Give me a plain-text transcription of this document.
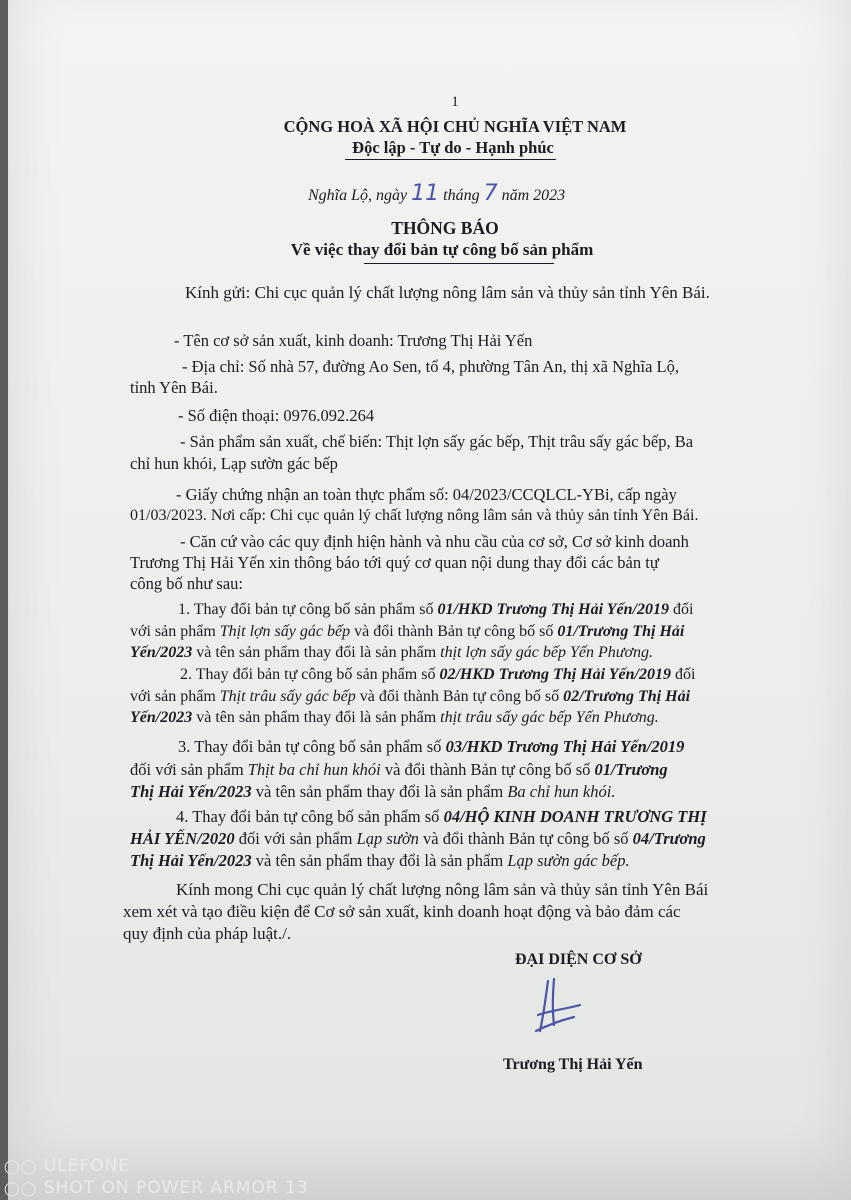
1
CỘNG HOÀ XÃ HỘI CHỦ NGHĨA VIỆT NAM
Độc lập - Tự do - Hạnh phúc
Nghĩa Lộ, ngày 11 tháng 7 năm 2023
THÔNG BÁO
Về việc thay đổi bản tự công bố sản phẩm
Kính gửi: Chi cục quản lý chất lượng nông lâm sản và thủy sản tỉnh Yên Bái.
- Tên cơ sở sản xuất, kinh doanh: Trương Thị Hải Yến
- Địa chỉ: Số nhà 57, đường Ao Sen, tổ 4, phường Tân An, thị xã Nghĩa Lộ,
tỉnh Yên Bái.
- Số điện thoại: 0976.092.264
- Sản phẩm sản xuất, chế biến: Thịt lợn sấy gác bếp, Thịt trâu sấy gác bếp, Ba
chỉ hun khói, Lạp sườn gác bếp
- Giấy chứng nhận an toàn thực phẩm số: 04/2023/CCQLCL-YBi, cấp ngày
01/03/2023. Nơi cấp: Chi cục quản lý chất lượng nông lâm sản và thủy sản tỉnh Yên Bái.
- Căn cứ vào các quy định hiện hành và nhu cầu của cơ sở, Cơ sở kinh doanh
Trương Thị Hải Yến xin thông báo tới quý cơ quan nội dung thay đổi các bản tự
công bố như sau:
1. Thay đổi bản tự công bố sản phẩm số 01/HKD Trương Thị Hải Yến/2019 đối
với sản phẩm Thịt lợn sấy gác bếp và đổi thành Bản tự công bố số 01/Trương Thị Hải
Yến/2023 và tên sản phẩm thay đổi là sản phẩm thịt lợn sấy gác bếp Yến Phương.
2. Thay đổi bản tự công bố sản phẩm số 02/HKD Trương Thị Hải Yến/2019 đối
với sản phẩm Thịt trâu sấy gác bếp và đổi thành Bản tự công bố số 02/Trương Thị Hải
Yến/2023 và tên sản phẩm thay đổi là sản phẩm thịt trâu sấy gác bếp Yến Phương.
3. Thay đổi bản tự công bố sản phẩm số 03/HKD Trương Thị Hải Yến/2019
đối với sản phẩm Thịt ba chỉ hun khói và đổi thành Bản tự công bố số 01/Trương
Thị Hải Yến/2023 và tên sản phẩm thay đổi là sản phẩm Ba chỉ hun khói.
4. Thay đổi bản tự công bố sản phẩm số 04/HỘ KINH DOANH TRƯƠNG THỊ
HẢI YẾN/2020 đối với sản phẩm Lạp sườn và đổi thành Bản tự công bố số 04/Trương
Thị Hải Yến/2023 và tên sản phẩm thay đổi là sản phẩm Lạp sườn gác bếp.
Kính mong Chi cục quản lý chất lượng nông lâm sản và thủy sản tỉnh Yên Bái
xem xét và tạo điều kiện để Cơ sở sản xuất, kinh doanh hoạt động và bảo đảm các
quy định của pháp luật./.
ĐẠI DIỆN CƠ SỞ
Trương Thị Hải Yến
◯◯ ULEFONE
◯◯ SHOT ON POWER ARMOR 13
